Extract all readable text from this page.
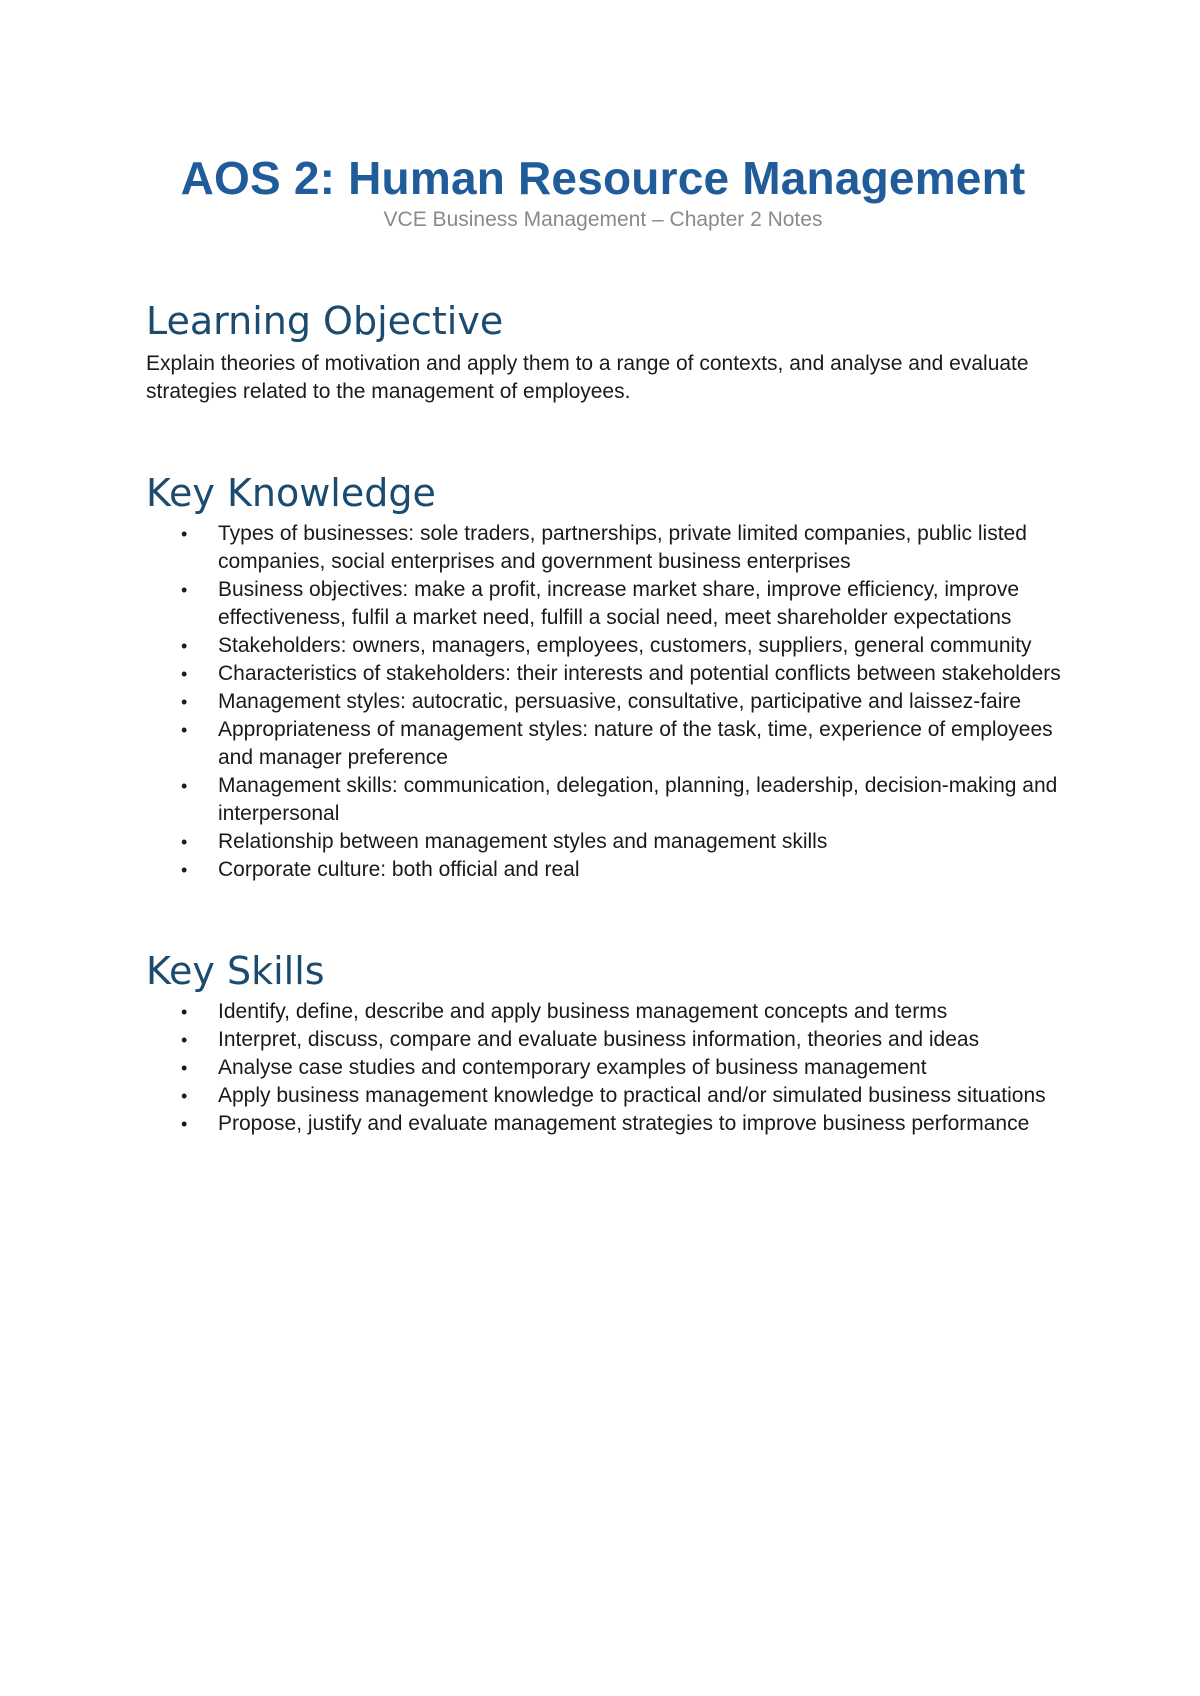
AOS 2: Human Resource Management
VCE Business Management – Chapter 2 Notes
Learning Objective

Explain theories of motivation and apply them to a range of contexts, and analyse and evaluate strategies related to the management of employees.

Key Knowledge
• Types of businesses: sole traders, partnerships, private limited companies, public listed companies, social enterprises and government business enterprises
• Business objectives: make a profit, increase market share, improve efficiency, improve effectiveness, fulfil a market need, fulfill a social need, meet shareholder expectations
• Stakeholders: owners, managers, employees, customers, suppliers, general community
• Characteristics of stakeholders: their interests and potential conflicts between stakeholders
• Management styles: autocratic, persuasive, consultative, participative and laissez-faire
• Appropriateness of management styles: nature of the task, time, experience of employees and manager preference
• Management skills: communication, delegation, planning, leadership, decision-making and interpersonal
• Relationship between management styles and management skills
• Corporate culture: both official and real
Key Skills
• Identify, define, describe and apply business management concepts and terms
• Interpret, discuss, compare and evaluate business information, theories and ideas
• Analyse case studies and contemporary examples of business management
• Apply business management knowledge to practical and/or simulated business situations
• Propose, justify and evaluate management strategies to improve business performance
